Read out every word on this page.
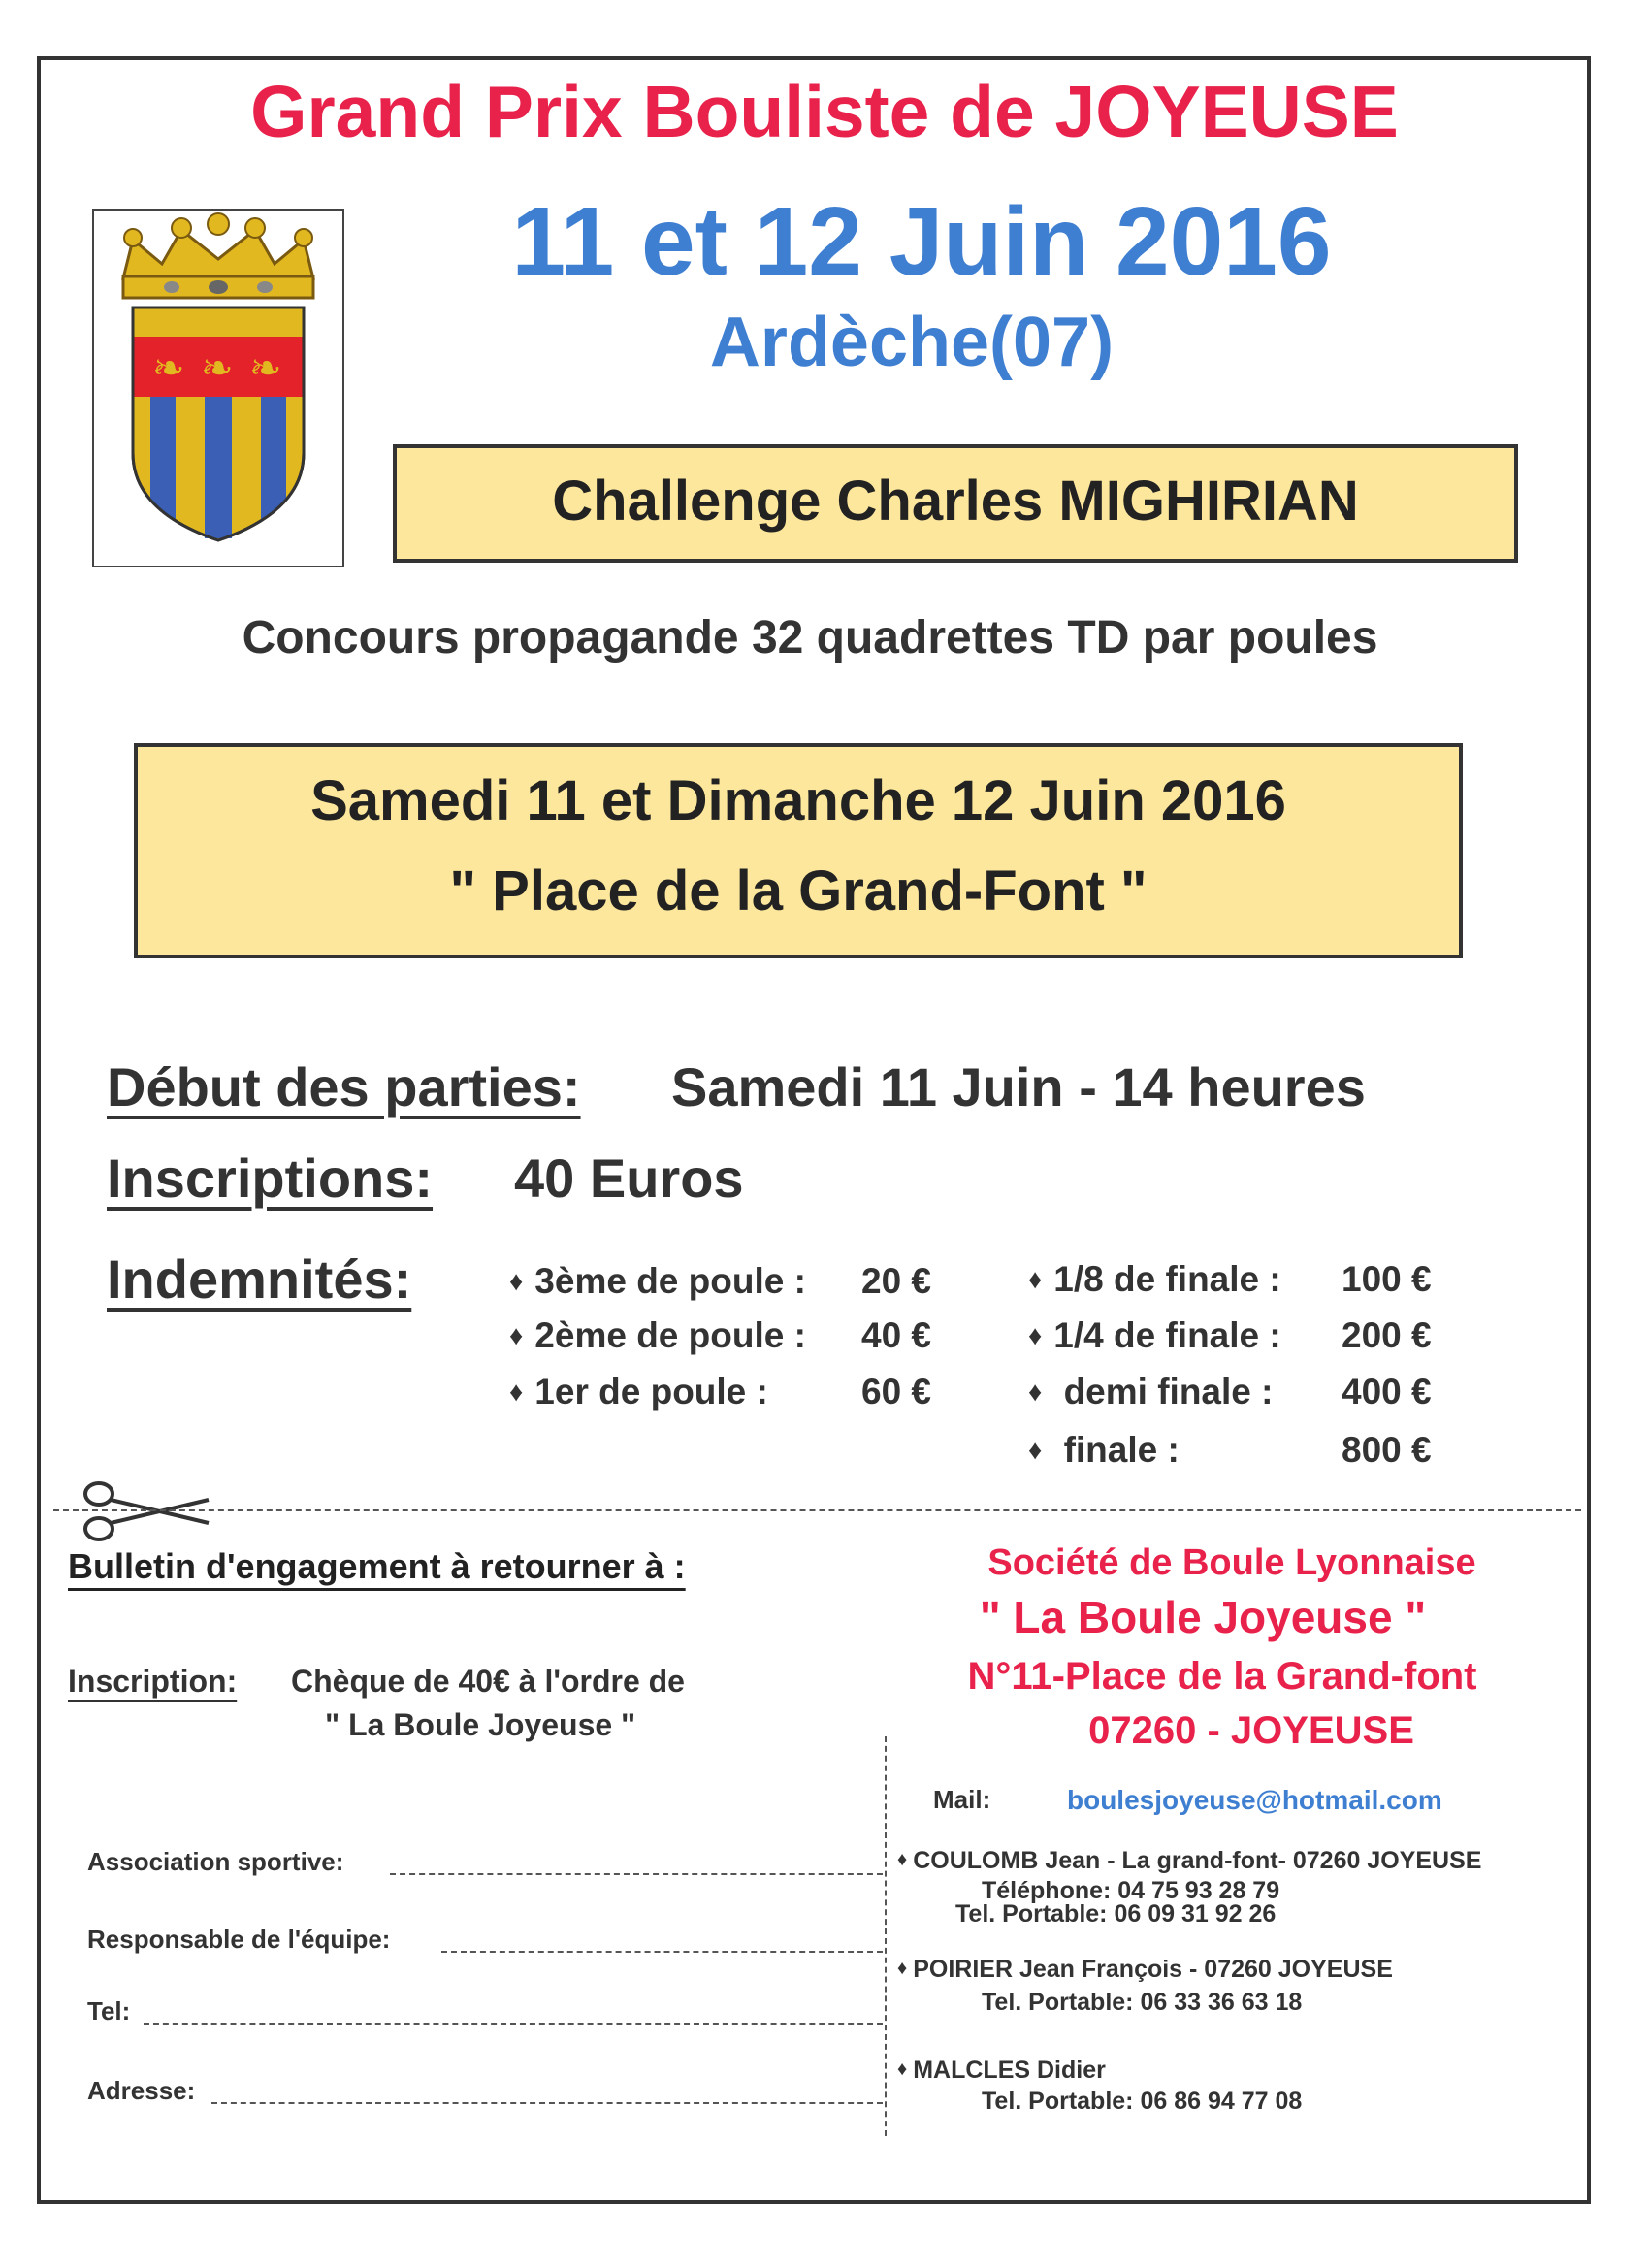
Grand Prix Bouliste de JOYEUSE
❧ ❧ ❧
11 et 12 Juin 2016
Ardèche(07)
Challenge Charles MIGHIRIAN
Concours propagande 32 quadrettes TD par poules
Samedi 11 et Dimanche 12 Juin 2016
" Place de la Grand-Font "
Début des parties: Samedi 11 Juin - 14 heures
Inscriptions: 40 Euros
Indemnités:	♦ 3ème de poule : 20 €
♦ 2ème de poule : 40 €
♦ 1er de poule :	60 €
♦ 1/8 de finale : 100 €
♦ 1/4 de finale : 200 €
♦ demi finale : 400 €
♦ finale :	800 €
Bulletin d'engagement à retourner à :
Inscription: Chèque de 40€ à l'ordre de
" La Boule Joyeuse "
Société de Boule Lyonnaise
" La Boule Joyeuse "
N°11-Place de la Grand-font
07260 - JOYEUSE
Mail:	boulesjoyeuse@hotmail.com
Association sportive:
Responsable de l'équipe:
Tel:
Adresse:
♦ COULOMB Jean - La grand-font- 07260 JOYEUSE
Téléphone: 04 75 93 28 79
Tel. Portable: 06 09 31 92 26
♦ POIRIER Jean François - 07260 JOYEUSE
Tel. Portable: 06 33 36 63 18
♦ MALCLES Didier
Tel. Portable: 06 86 94 77 08
